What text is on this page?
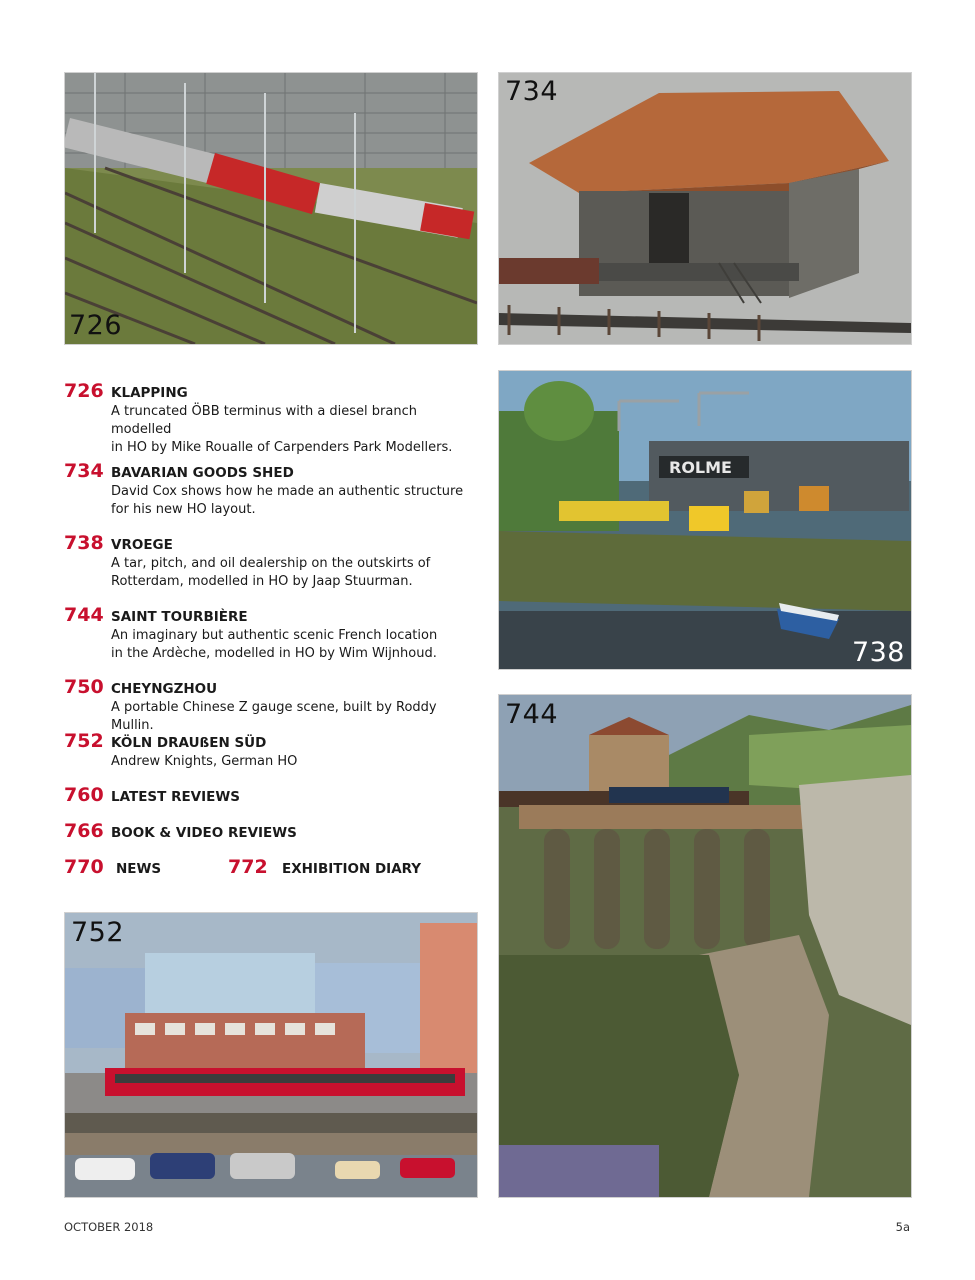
726
734
ROLME
738
744
752
726 KLAPPING
A truncated ÖBB terminus with a diesel branch modelled
in HO by Mike Roualle of Carpenders Park Modellers.
734 BAVARIAN GOODS SHED
David Cox shows how he made an authentic structure
for his new HO layout.
738 VROEGE
A tar, pitch, and oil dealership on the outskirts of
Rotterdam, modelled in HO by Jaap Stuurman.
744 SAINT TOURBIÈRE
An imaginary but authentic scenic French location
in the Ardèche, modelled in HO by Wim Wijnhoud.
750 CHEYNGZHOU
A portable Chinese Z gauge scene, built by Roddy Mullin.
752 KÖLN DRAUßEN SÜD
Andrew Knights, German HO
760 LATEST REVIEWS
766 BOOK & VIDEO REVIEWS
770 NEWS	772 EXHIBITION DIARY
OCTOBER 2018	5a
